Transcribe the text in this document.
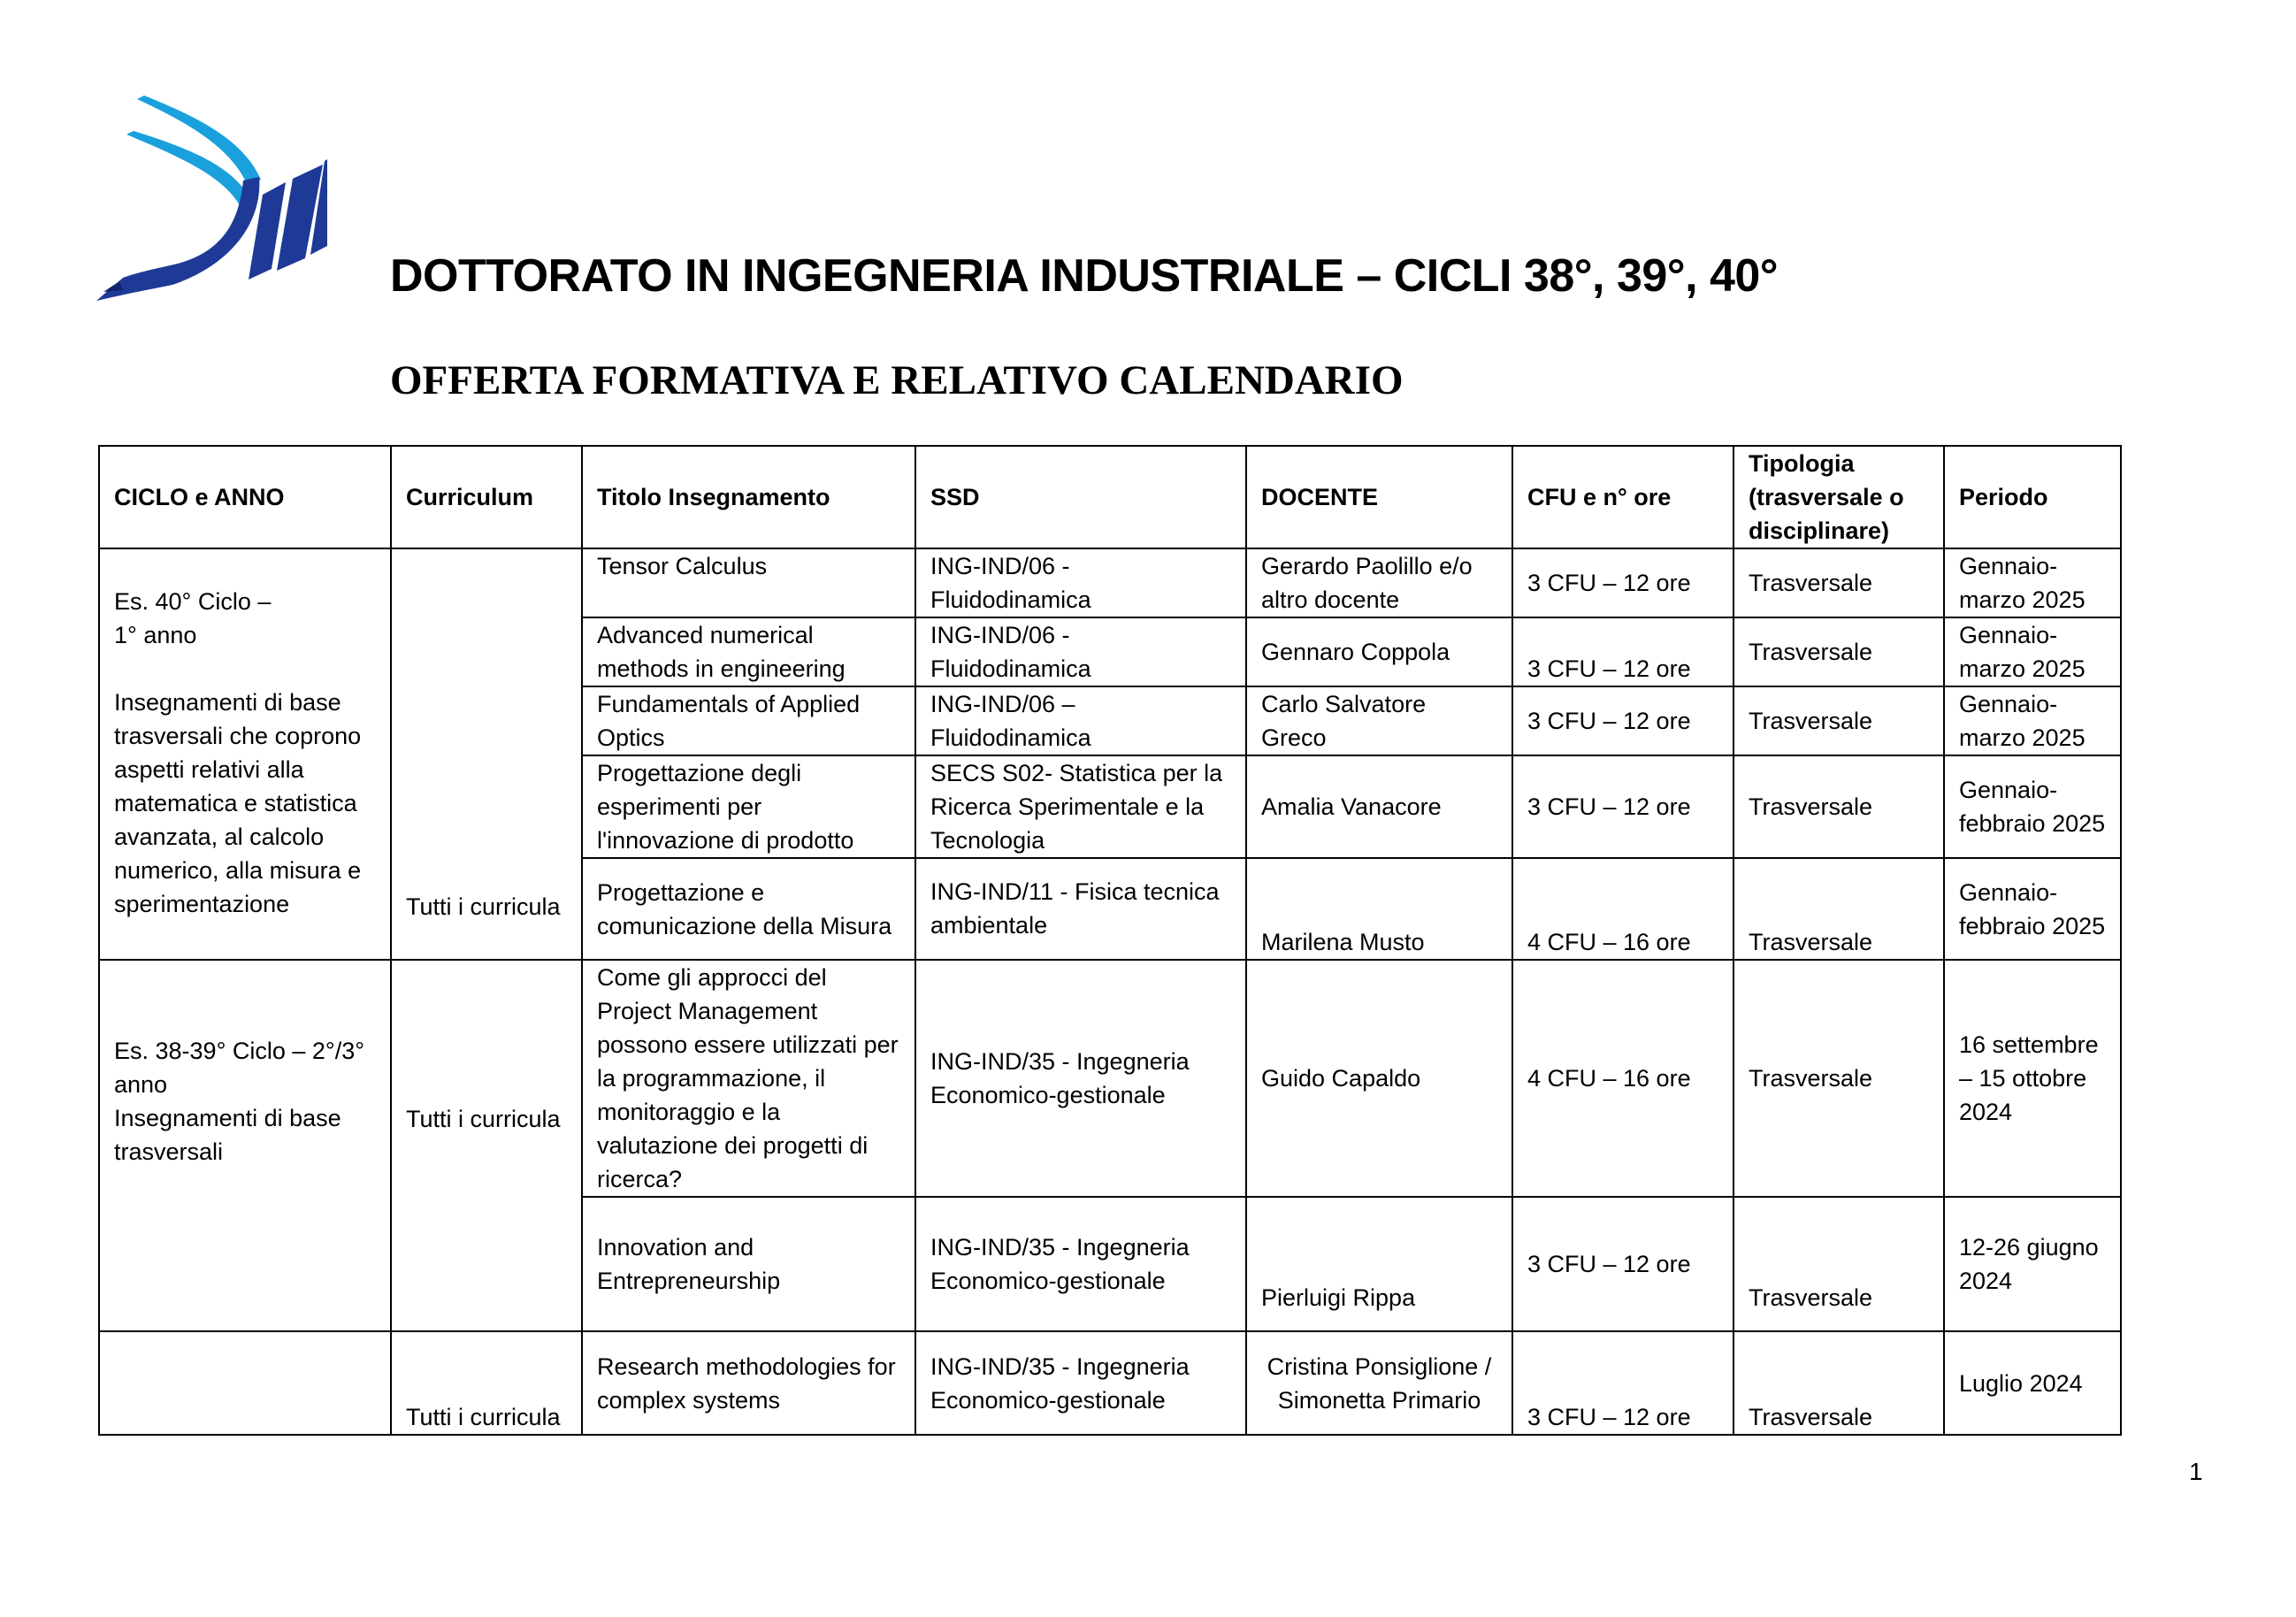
DOTTORATO IN INGEGNERIA INDUSTRIALE – CICLI 38°, 39°, 40°
OFFERTA FORMATIVA E RELATIVO CALENDARIO
CICLO e ANNO	Curriculum	Titolo Insegnamento	SSD	DOCENTE	CFU e n° ore	Tipologia (trasversale o disciplinare)	Periodo
Es. 40° Ciclo –
1° anno

Insegnamenti di base trasversali che coprono aspetti relativi alla matematica e statistica avanzata, al calcolo numerico, alla misura e sperimentazione	Tutti i curricula	Tensor Calculus	ING-IND/06 - Fluidodinamica	Gerardo Paolillo e/o altro docente	3 CFU – 12 ore	Trasversale	Gennaio-marzo 2025
		Advanced numerical methods in engineering	ING-IND/06 - Fluidodinamica	Gennaro Coppola	3 CFU – 12 ore	Trasversale	Gennaio-marzo 2025
		Fundamentals of Applied Optics	ING-IND/06 – Fluidodinamica	Carlo Salvatore Greco	3 CFU – 12 ore	Trasversale	Gennaio-marzo 2025
		Progettazione degli esperimenti per l'innovazione di prodotto	SECS S02- Statistica per la Ricerca Sperimentale e la Tecnologia	Amalia Vanacore	3 CFU – 12 ore	Trasversale	Gennaio-febbraio 2025
		Progettazione e comunicazione della Misura	ING-IND/11 - Fisica tecnica ambientale	Marilena Musto	4 CFU – 16 ore	Trasversale	Gennaio-febbraio 2025
Es. 38-39° Ciclo – 2°/3° anno
Insegnamenti di base trasversali	Tutti i curricula	Come gli approcci del Project Management possono essere utilizzati per la programmazione, il monitoraggio e la valutazione dei progetti di ricerca?	ING-IND/35 - Ingegneria Economico-gestionale	Guido Capaldo	4 CFU – 16 ore	Trasversale	16 settembre – 15 ottobre 2024
		Innovation and Entrepreneurship	ING-IND/35 - Ingegneria Economico-gestionale	Pierluigi Rippa	3 CFU – 12 ore	Trasversale	12-26 giugno 2024
	Tutti i curricula	Research methodologies for complex systems	ING-IND/35 - Ingegneria Economico-gestionale	Cristina Ponsiglione / Simonetta Primario	3 CFU – 12 ore	Trasversale	Luglio 2024
1
